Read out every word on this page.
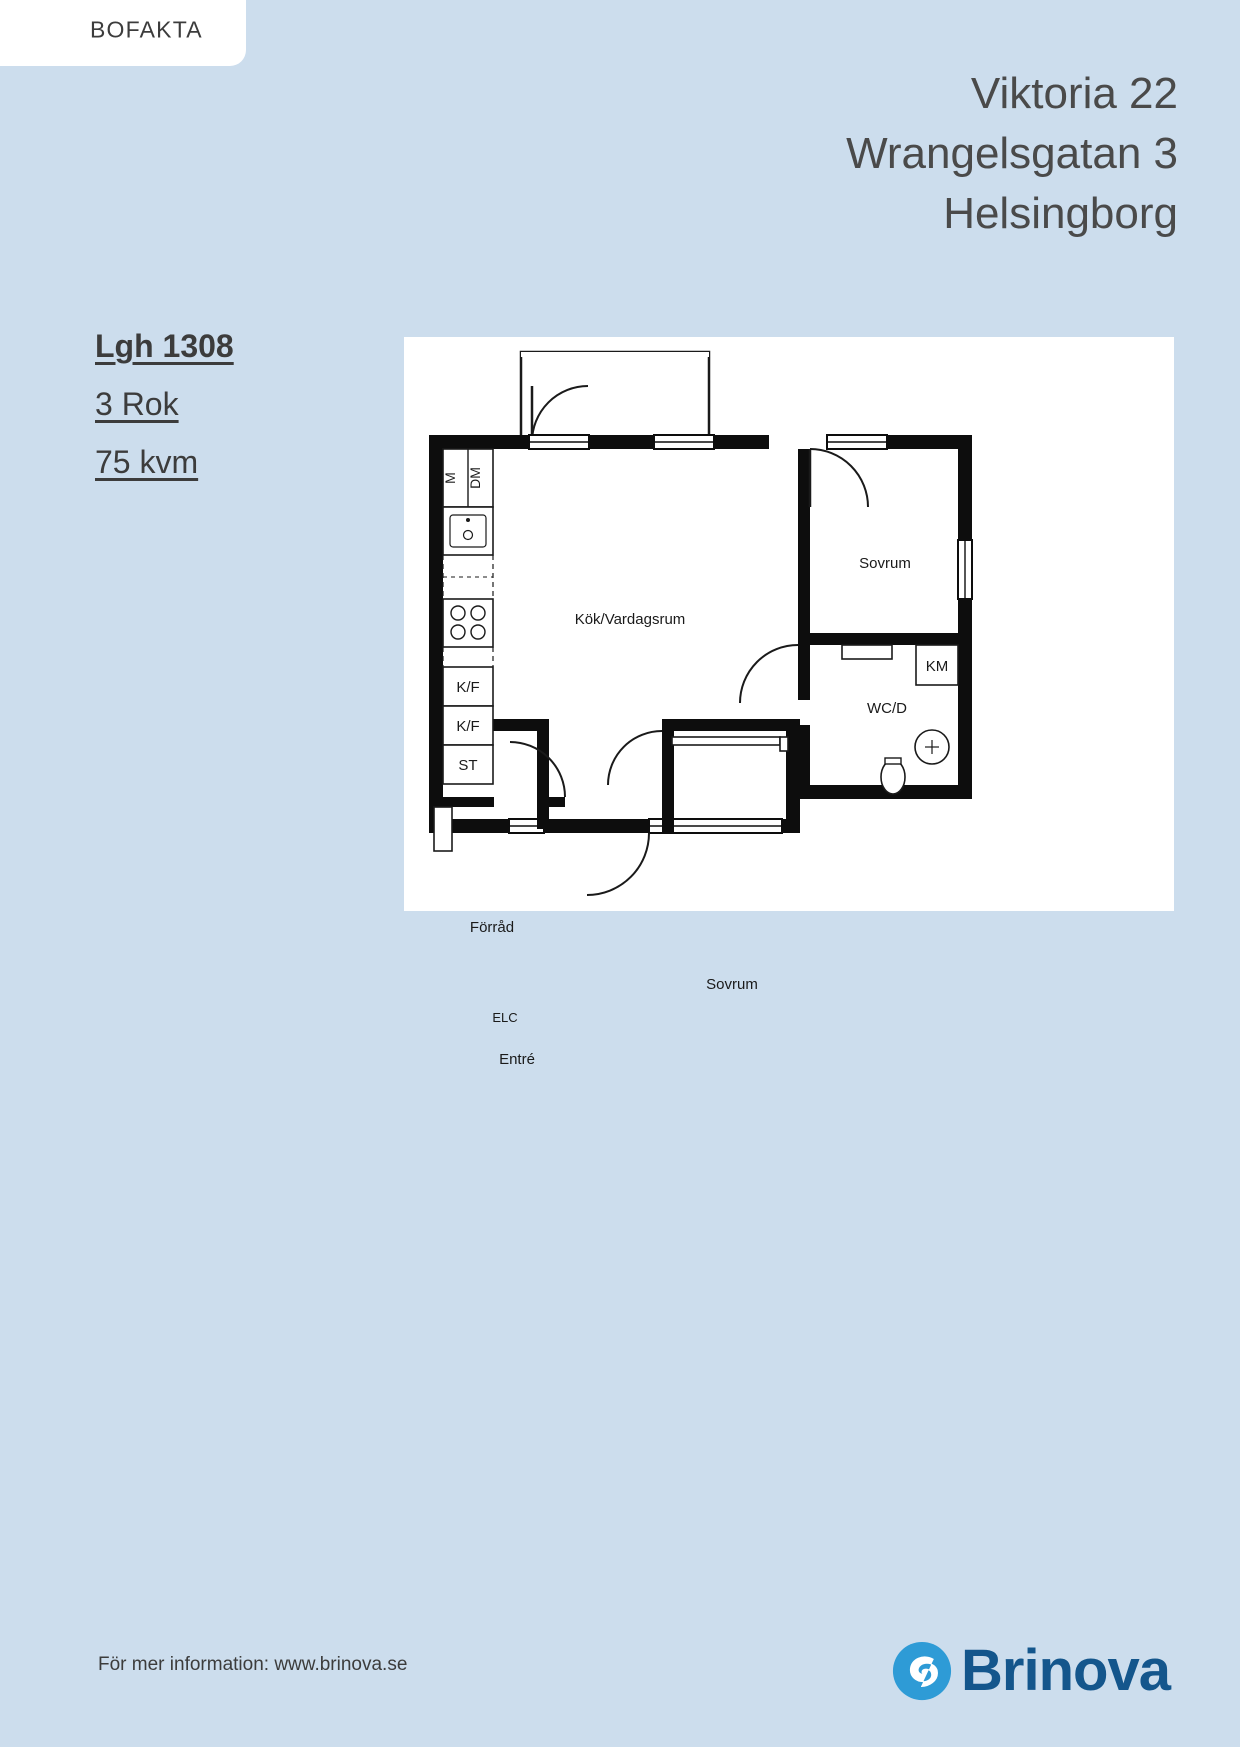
BOFAKTA
Viktoria 22
Wrangelsgatan 3
Helsingborg
Lgh 1308
3 Rok
75 kvm
Kök/Vardagsrum
Sovrum
Sovrum
WC/D
Förråd
Entré
M DM
K/F
K/F
ST
ELC
KM
För mer information: www.brinova.se	Brinova
